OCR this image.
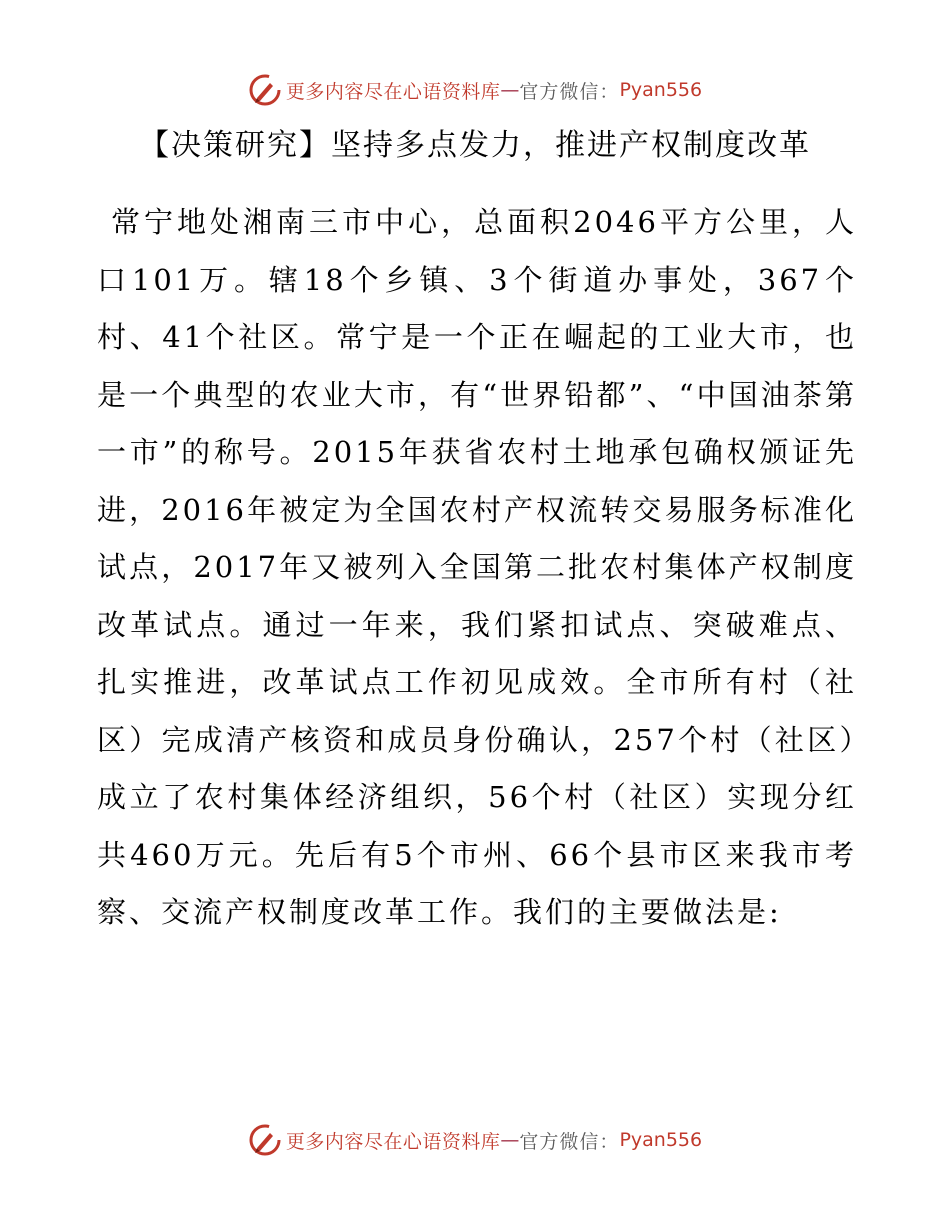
更多内容尽在心语资料库 — 官方微信： Pyan556
【决策研究】坚持多点发力，推进产权制度改革
常宁地处湘南三市中心，总面积2046平方公里，人口101万。辖18个乡镇、3个街道办事处，367个村、41个社区。常宁是一个正在崛起的工业大市，也是一个典型的农业大市，有“世界铅都”、“中国油茶第一市”的称号。2015年获省农村土地承包确权颁证先进，2016年被定为全国农村产权流转交易服务标准化试点，2017年又被列入全国第二批农村集体产权制度改革试点。通过一年来，我们紧扣试点、突破难点、扎实推进，改革试点工作初见成效。全市所有村（社区）完成清产核资和成员身份确认，257个村（社区）成立了农村集体经济组织，56个村（社区）实现分红共460万元。先后有5个市州、66个县市区来我市考察、交流产权制度改革工作。我们的主要做法是:
更多内容尽在心语资料库 — 官方微信： Pyan556
